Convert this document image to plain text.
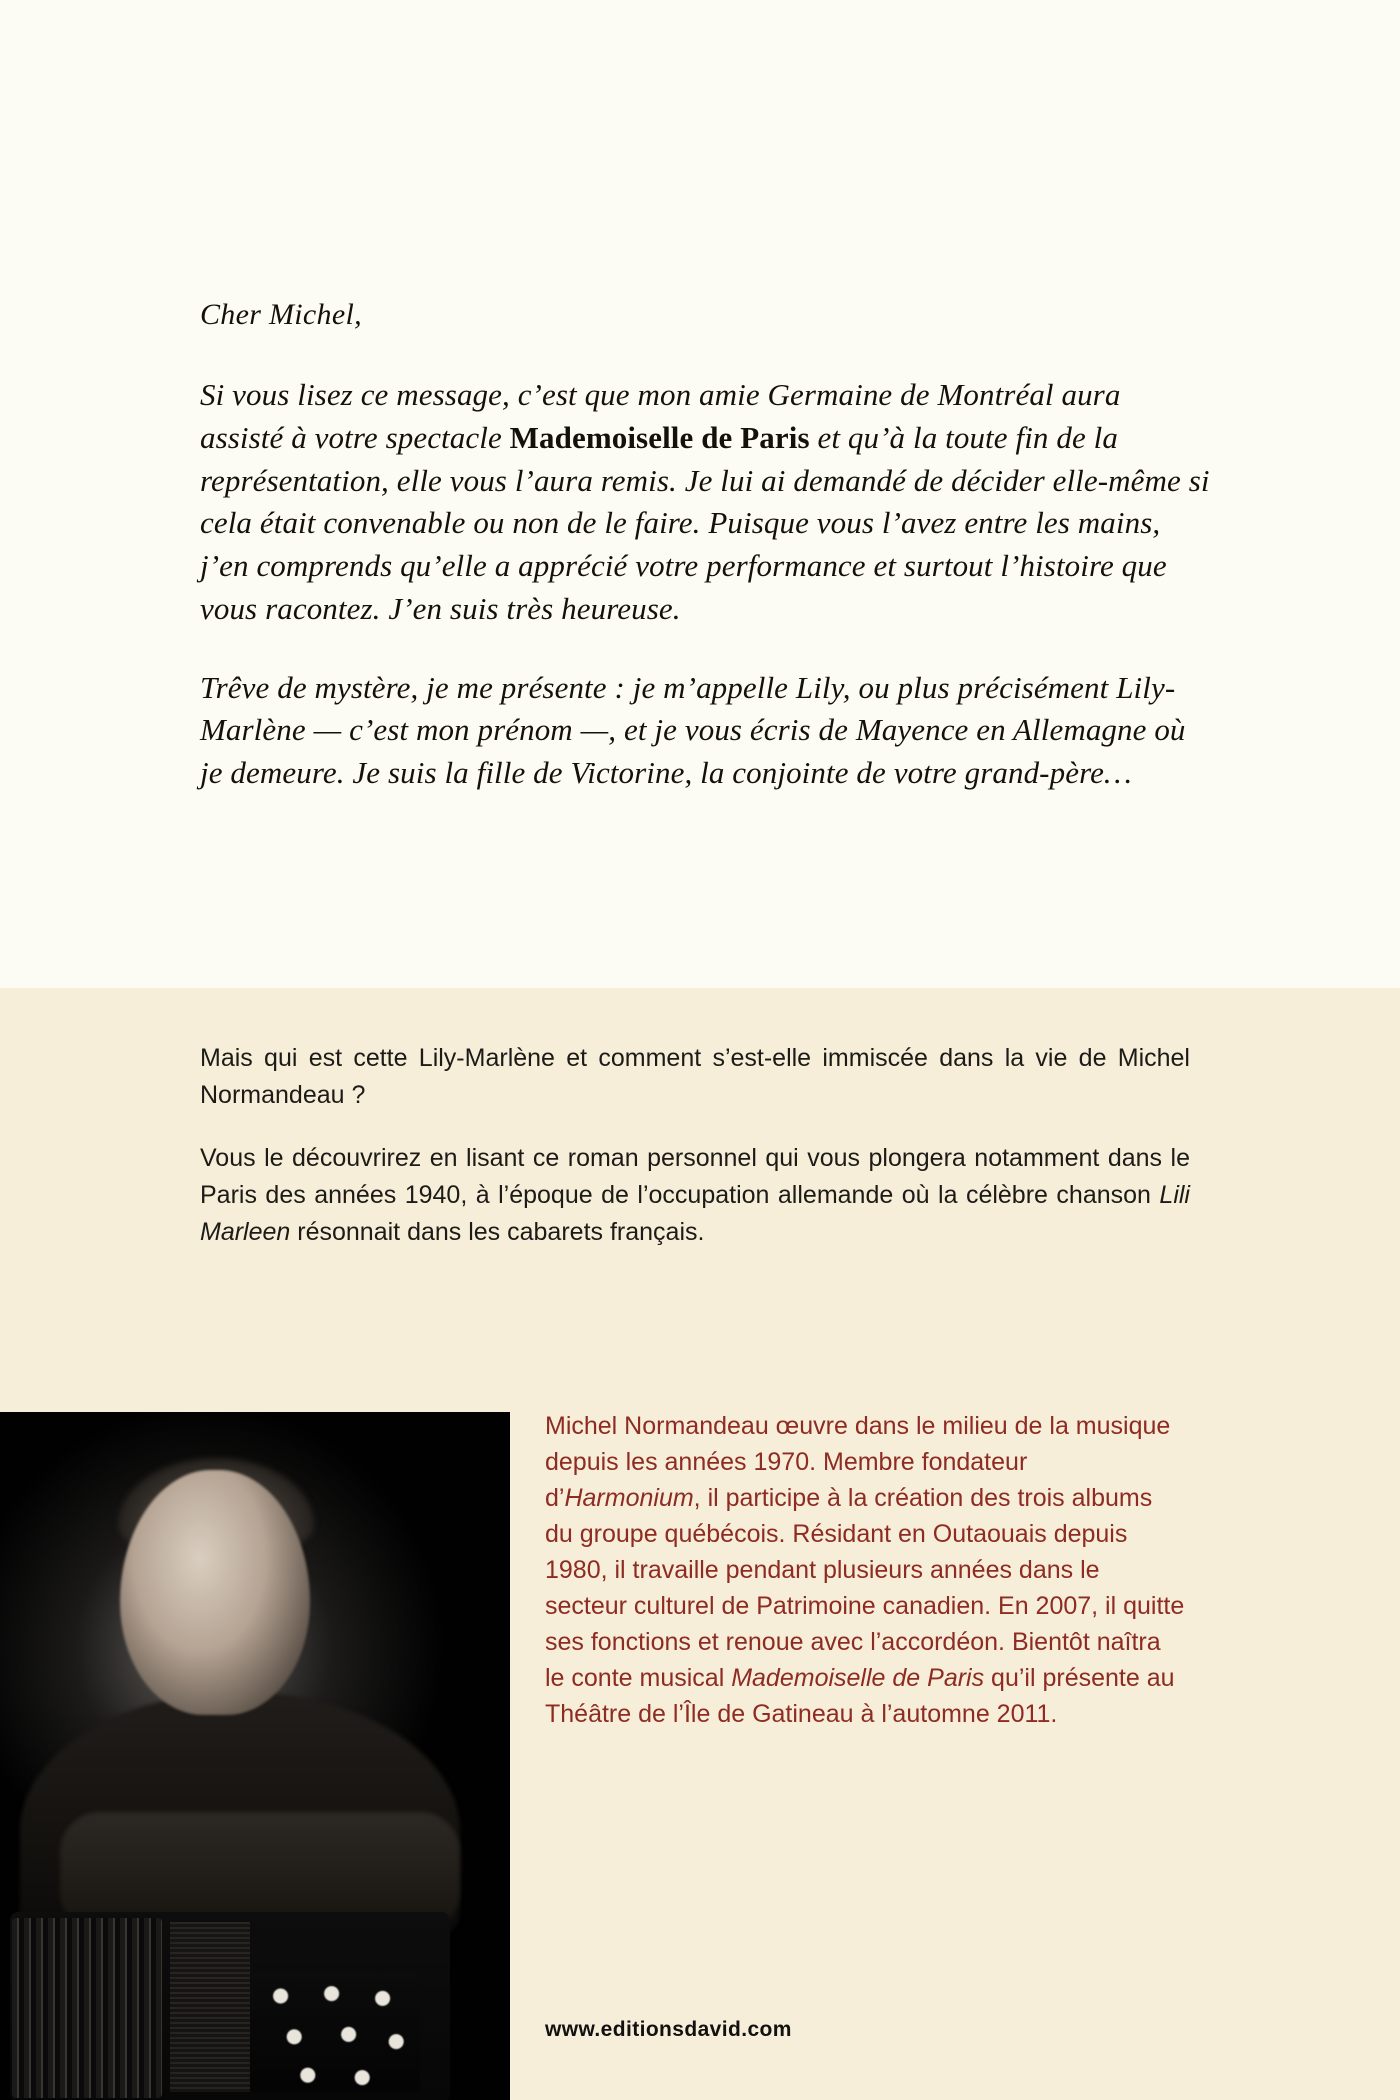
Cher Michel,

Si vous lisez ce message, c’est que mon amie Germaine de Montréal aura assisté à votre spectacle Mademoiselle de Paris et qu’à la toute fin de la représentation, elle vous l’aura remis. Je lui ai demandé de décider elle-même si cela était convenable ou non de le faire. Puisque vous l’avez entre les mains, j’en comprends qu’elle a apprécié votre performance et surtout l’histoire que vous racontez. J’en suis très heureuse.

Trêve de mystère, je me présente : je m’appelle Lily, ou plus précisément Lily-Marlène — c’est mon prénom —, et je vous écris de Mayence en Allemagne où je demeure. Je suis la fille de Victorine, la conjointe de votre grand-père…

Mais qui est cette Lily-Marlène et comment s’est-elle immiscée dans la vie de Michel Normandeau ?

Vous le découvrirez en lisant ce roman personnel qui vous plongera notamment dans le Paris des années 1940, à l’époque de l’occupation allemande où la célèbre chanson Lili Marleen résonnait dans les cabarets français.

Michel Normandeau œuvre dans le milieu de la musique depuis les années 1970. Membre fondateur d’Harmonium, il participe à la création des trois albums du groupe québécois. Résidant en Outaouais depuis 1980, il travaille pendant plusieurs années dans le secteur culturel de Patrimoine canadien. En 2007, il quitte ses fonctions et renoue avec l’accordéon. Bientôt naîtra le conte musical Mademoiselle de Paris qu’il présente au Théâtre de l’Île de Gatineau à l’automne 2011.
www.editionsdavid.com
